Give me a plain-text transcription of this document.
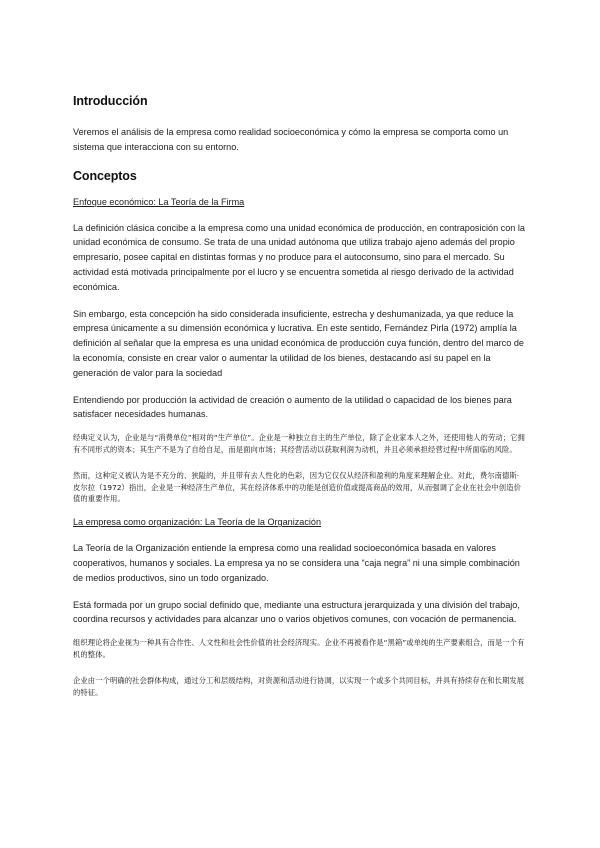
Introducción

Veremos el análisis de la empresa como realidad socioeconómica y cómo la empresa se comporta como un sistema que interacciona con su entorno.

Conceptos
Enfoque económico: La Teoría de la Firma

La definición clásica concibe a la empresa como una unidad económica de producción, en contraposición con la unidad económica de consumo. Se trata de una unidad autónoma que utiliza trabajo ajeno además del propio empresario, posee capital en distintas formas y no produce para el autoconsumo, sino para el mercado. Su actividad está motivada principalmente por el lucro y se encuentra sometida al riesgo derivado de la actividad económica.

Sin embargo, esta concepción ha sido considerada insuficiente, estrecha y deshumanizada, ya que reduce la empresa únicamente a su dimensión económica y lucrativa. En este sentido, Fernández Pirla (1972) amplía la definición al señalar que la empresa es una unidad económica de producción cuya función, dentro del marco de la economía, consiste en crear valor o aumentar la utilidad de los bienes, destacando así su papel en la generación de valor para la sociedad

Entendiendo por producción la actividad de creación o aumento de la utilidad o capacidad de los bienes para satisfacer necesidades humanas.

经典定义认为，企业是与“消费单位”相对的“生产单位”。企业是一种独立自主的生产单位，除了企业家本人之外，还使用他人的劳动；它拥有不同形式的资本；其生产不是为了自给自足，而是面向市场；其经营活动以获取利润为动机，并且必须承担经营过程中所面临的风险。

然而，这种定义被认为是不充分的、狭隘的，并且带有去人性化的色彩，因为它仅仅从经济和盈利的角度来理解企业。对此，费尔南德斯·皮尔拉（1972）指出，企业是一种经济生产单位，其在经济体系中的功能是创造价值或提高商品的效用，从而强调了企业在社会中创造价值的重要作用。

La empresa como organización: La Teoría de la Organización

La Teoría de la Organización entiende la empresa como una realidad socioeconómica basada en valores cooperativos, humanos y sociales. La empresa ya no se considera una “caja negra” ni una simple combinación de medios productivos, sino un todo organizado.

Está formada por un grupo social definido que, mediante una estructura jerarquizada y una división del trabajo, coordina recursos y actividades para alcanzar uno o varios objetivos comunes, con vocación de permanencia.

组织理论将企业视为一种具有合作性、人文性和社会性价值的社会经济现实。企业不再被看作是“黑箱”或单纯的生产要素组合，而是一个有机的整体。

企业由一个明确的社会群体构成，通过分工和层级结构，对资源和活动进行协调，以实现一个或多个共同目标，并具有持续存在和长期发展的特征。
